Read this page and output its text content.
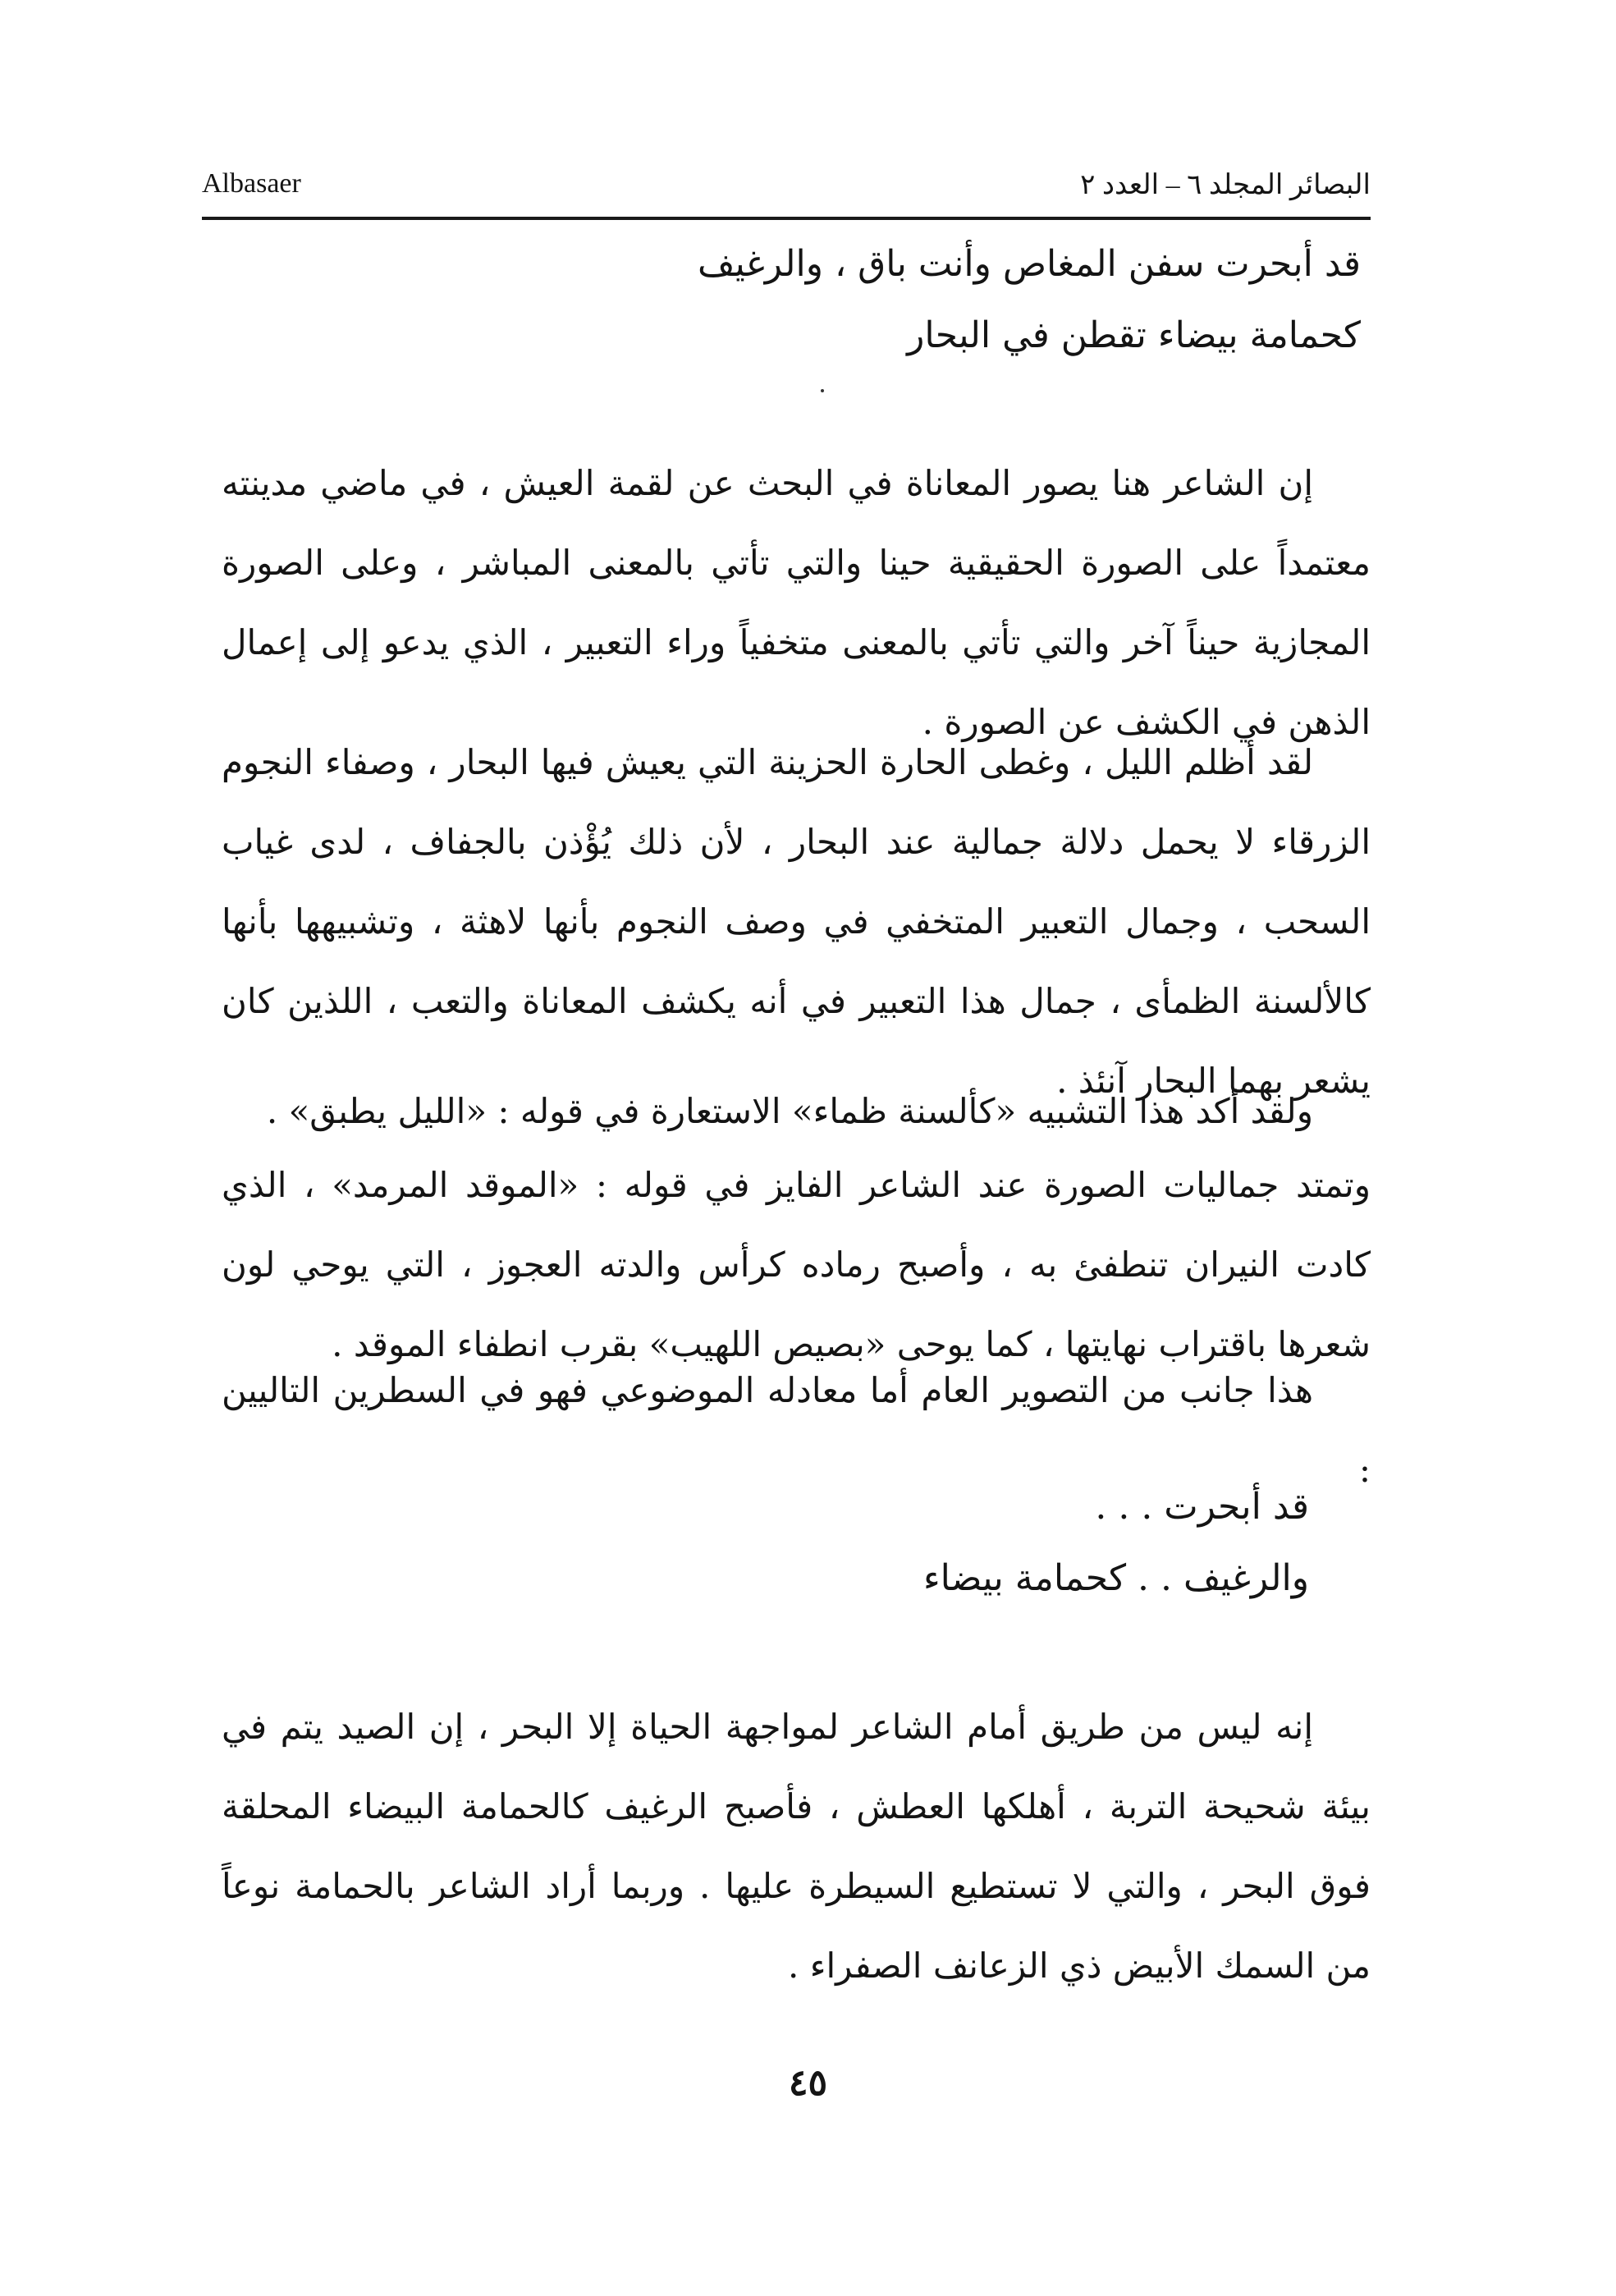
البصائر المجلد ٦ – العدد ٢
Albasaer
قد أبحرت سفن المغاص وأنت باق ، والرغيف
كحمامة بيضاء تقطن في البحار

إن الشاعر هنا يصور المعاناة في البحث عن لقمة العيش ، في ماضي مدينته معتمداً على الصورة الحقيقية حينا والتي تأتي بالمعنى المباشر ، وعلى الصورة المجازية حيناً آخر والتي تأتي بالمعنى متخفياً وراء التعبير ، الذي يدعو إلى إعمال الذهن في الكشف عن الصورة .

لقد أظلم الليل ، وغطى الحارة الحزينة التي يعيش فيها البحار ، وصفاء النجوم الزرقاء لا يحمل دلالة جمالية عند البحار ، لأن ذلك يُؤْذن بالجفاف ، لدى غياب السحب ، وجمال التعبير المتخفي في وصف النجوم بأنها لاهثة ، وتشبيهها بأنها كالألسنة الظمأى ، جمال هذا التعبير في أنه يكشف المعاناة والتعب ، اللذين كان يشعر بهما البحار آنئذ .

ولقد أكد هذا التشبيه «كألسنة ظماء» الاستعارة في قوله : «الليل يطبق» .

وتمتد جماليات الصورة عند الشاعر الفايز في قوله : «الموقد المرمد» ، الذي كادت النيران تنطفئ به ، وأصبح رماده كرأس والدته العجوز ، التي يوحي لون شعرها باقتراب نهايتها ، كما يوحى «بصيص اللهيب» بقرب انطفاء الموقد .

هذا جانب من التصوير العام أما معادله الموضوعي فهو في السطرين التاليين :

قد أبحرت . . .
والرغيف . . كحمامة بيضاء

إنه ليس من طريق أمام الشاعر لمواجهة الحياة إلا البحر ، إن الصيد يتم في بيئة شحيحة التربة ، أهلكها العطش ، فأصبح الرغيف كالحمامة البيضاء المحلقة فوق البحر ، والتي لا تستطيع السيطرة عليها . وربما أراد الشاعر بالحمامة نوعاً من السمك الأبيض ذي الزعانف الصفراء .

٤٥
